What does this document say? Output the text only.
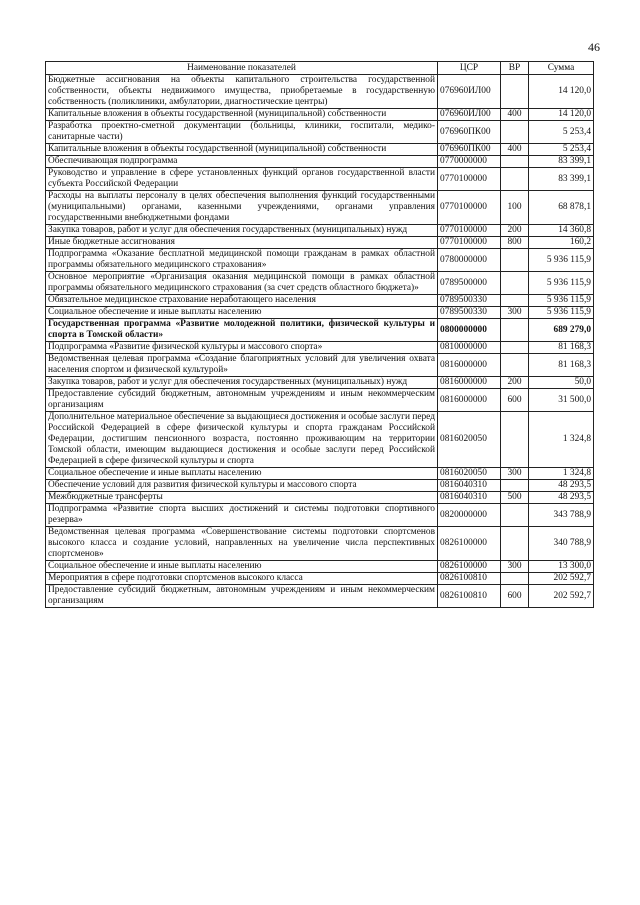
46
Наименование показателей	ЦСР	ВР	Сумма
Бюджетные ассигнования на объекты капитального строительства государственной собственности, объекты недвижимого имущества, приобретаемые в государственную собственность (поликлиники, амбулатории, диагностические центры)	076960ИЛ00		14 120,0
Капитальные вложения в объекты государственной (муниципальной) собственности	076960ИЛ00	400	14 120,0
Разработка проектно-сметной документации (больницы, клиники, госпитали, медико-санитарные части)	076960ПК00		5 253,4
Капитальные вложения в объекты государственной (муниципальной) собственности	076960ПК00	400	5 253,4
Обеспечивающая подпрограмма	0770000000		83 399,1
Руководство и управление в сфере установленных функций органов государственной власти субъекта Российской Федерации	0770100000		83 399,1
Расходы на выплаты персоналу в целях обеспечения выполнения функций государственными (муниципальными) органами, казенными учреждениями, органами управления государственными внебюджетными фондами	0770100000	100	68 878,1
Закупка товаров, работ и услуг для обеспечения государственных (муниципальных) нужд	0770100000	200	14 360,8
Иные бюджетные ассигнования	0770100000	800	160,2
Подпрограмма «Оказание бесплатной медицинской помощи гражданам в рамках областной программы обязательного медицинского страхования»	0780000000		5 936 115,9
Основное мероприятие «Организация оказания медицинской помощи в рамках областной программы обязательного медицинского страхования (за счет средств областного бюджета)»	0789500000		5 936 115,9
Обязательное медицинское страхование неработающего населения	0789500330		5 936 115,9
Социальное обеспечение и иные выплаты населению	0789500330	300	5 936 115,9
Государственная программа «Развитие молодежной политики, физической культуры и спорта в Томской области»	0800000000		689 279,0
Подпрограмма «Развитие физической культуры и массового спорта»	0810000000		81 168,3
Ведомственная целевая программа «Создание благоприятных условий для увеличения охвата населения спортом и физической культурой»	0816000000		81 168,3
Закупка товаров, работ и услуг для обеспечения государственных (муниципальных) нужд	0816000000	200	50,0
Предоставление субсидий бюджетным, автономным учреждениям и иным некоммерческим организациям	0816000000	600	31 500,0
Дополнительное материальное обеспечение за выдающиеся достижения и особые заслуги перед Российской Федерацией в сфере физической культуры и спорта гражданам Российской Федерации, достигшим пенсионного возраста, постоянно проживающим на территории Томской области, имеющим выдающиеся достижения и особые заслуги перед Российской Федерацией в сфере физической культуры и спорта	0816020050		1 324,8
Социальное обеспечение и иные выплаты населению	0816020050	300	1 324,8
Обеспечение условий для развития физической культуры и массового спорта	0816040310		48 293,5
Межбюджетные трансферты	0816040310	500	48 293,5
Подпрограмма «Развитие спорта высших достижений и системы подготовки спортивного резерва»	0820000000		343 788,9
Ведомственная целевая программа «Совершенствование системы подготовки спортсменов высокого класса и создание условий, направленных на увеличение числа перспективных спортсменов»	0826100000		340 788,9
Социальное обеспечение и иные выплаты населению	0826100000	300	13 300,0
Мероприятия в сфере подготовки спортсменов высокого класса	0826100810		202 592,7
Предоставление субсидий бюджетным, автономным учреждениям и иным некоммерческим организациям	0826100810	600	202 592,7
